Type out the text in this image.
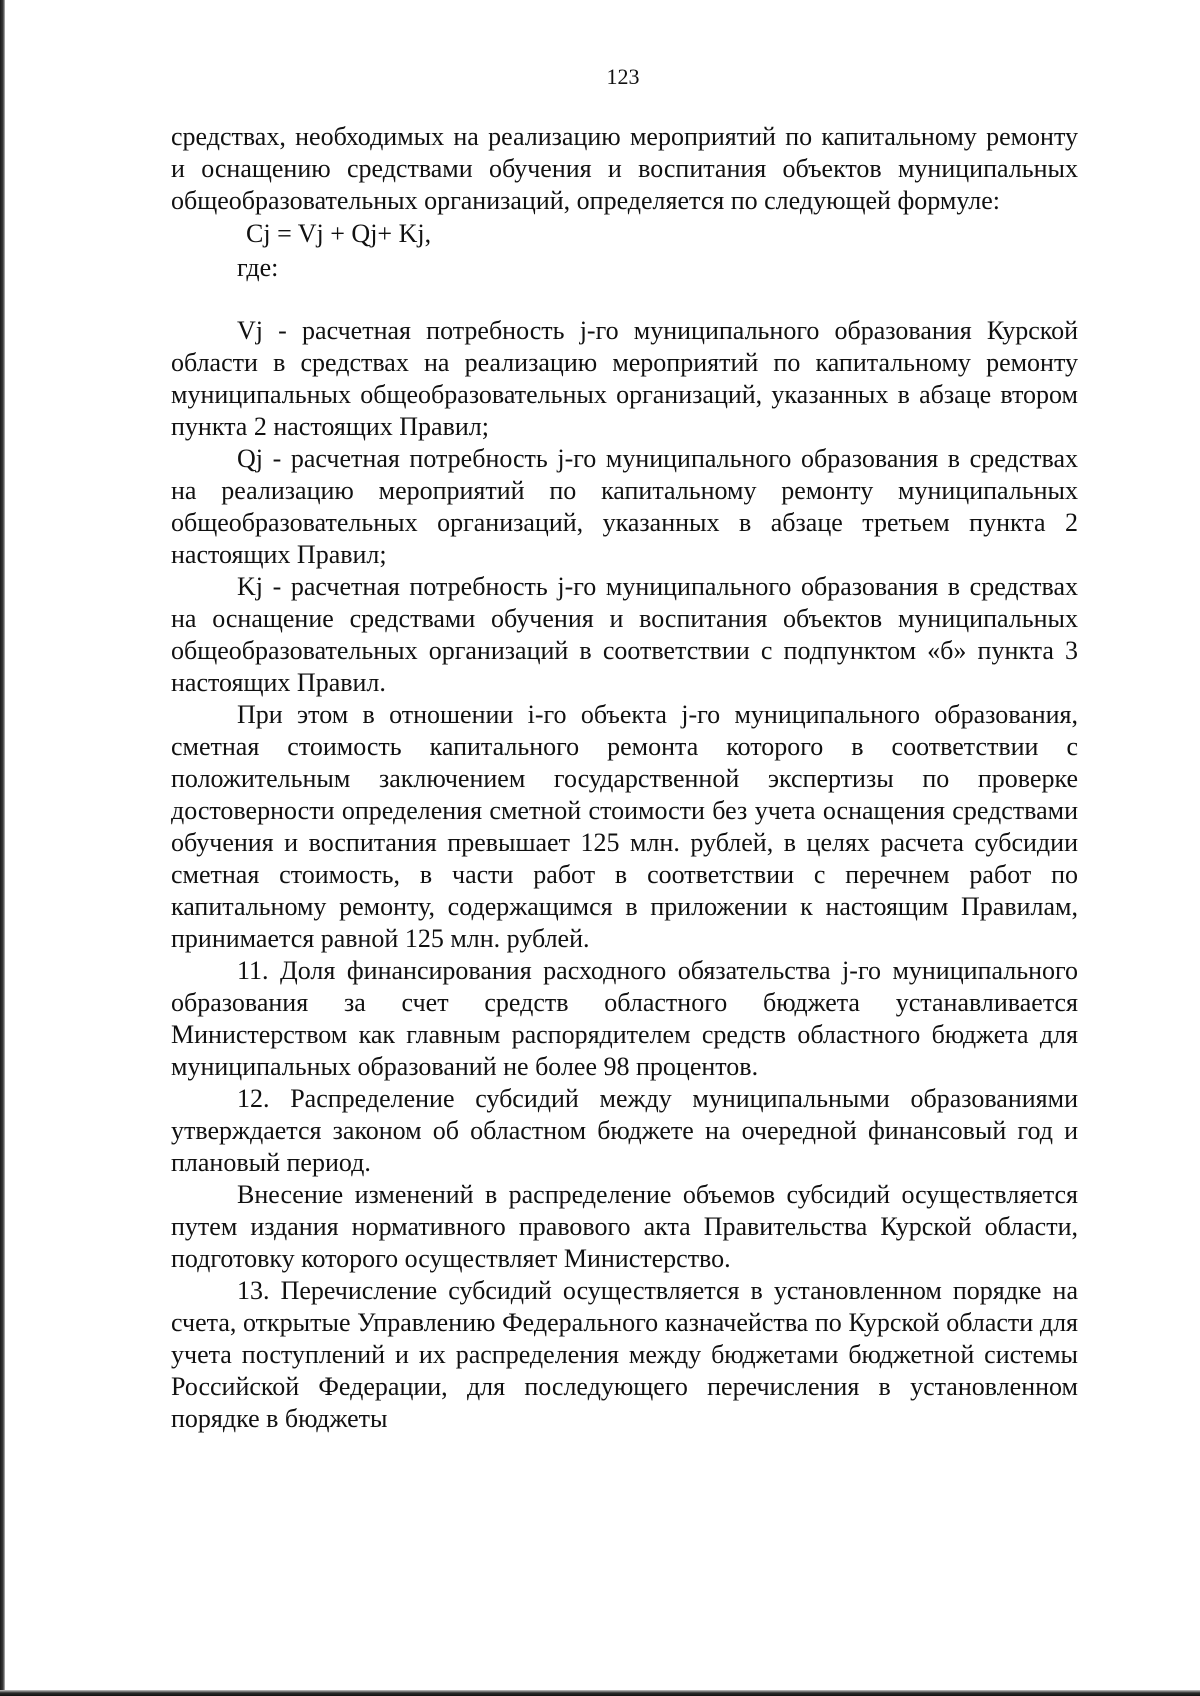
123

средствах, необходимых на реализацию мероприятий по капитальному ремонту и оснащению средствами обучения и воспитания объектов муниципальных общеобразовательных организаций, определяется по следующей формуле:

Cj = Vj + Qj+ Kj,

где:

Vj - расчетная потребность j-го муниципального образования Курской области в средствах на реализацию мероприятий по капитальному ремонту муниципальных общеобразовательных организаций, указанных в абзаце втором пункта 2 настоящих Правил;

Qj - расчетная потребность j-го муниципального образования в средствах на реализацию мероприятий по капитальному ремонту муниципальных общеобразовательных организаций, указанных в абзаце третьем пункта 2 настоящих Правил;

Kj - расчетная потребность j-го муниципального образования в средствах на оснащение средствами обучения и воспитания объектов муниципальных общеобразовательных организаций в соответствии с подпунктом «б» пункта 3 настоящих Правил.

При этом в отношении i-го объекта j-го муниципального образования, сметная стоимость капитального ремонта которого в соответствии с положительным заключением государственной экспертизы по проверке достоверности определения сметной стоимости без учета оснащения средствами обучения и воспитания превышает 125 млн. рублей, в целях расчета субсидии сметная стоимость, в части работ в соответствии с перечнем работ по капитальному ремонту, содержащимся в приложении к настоящим Правилам, принимается равной 125 млн. рублей.

11. Доля финансирования расходного обязательства j-го муниципального образования за счет средств областного бюджета устанавливается Министерством как главным распорядителем средств областного бюджета для муниципальных образований не более 98 процентов.

12. Распределение субсидий между муниципальными образованиями утверждается законом об областном бюджете на очередной финансовый год и плановый период.

Внесение изменений в распределение объемов субсидий осуществляется путем издания нормативного правового акта Правительства Курской области, подготовку которого осуществляет Министерство.

13. Перечисление субсидий осуществляется в установленном порядке на счета, открытые Управлению Федерального казначейства по Курской области для учета поступлений и их распределения между бюджетами бюджетной системы Российской Федерации, для последующего перечисления в установленном порядке в бюджеты
